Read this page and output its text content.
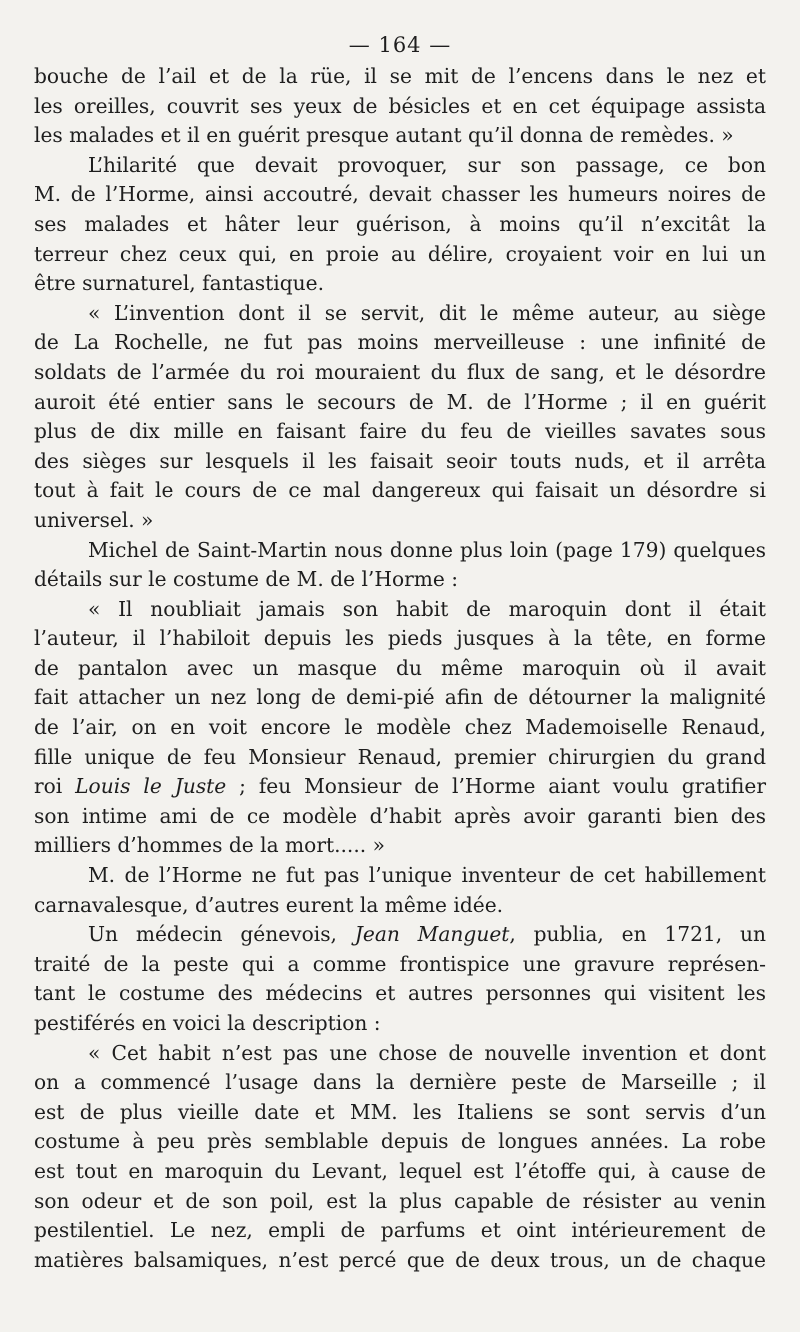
— 164 —
bouche de l’ail et de la rüe, il se mit de l’encens dans le nez et
les oreilles, couvrit ses yeux de bésicles et en cet équipage assista
les malades et il en guérit presque autant qu’il donna de remèdes. »
L’hilarité que devait provoquer, sur son passage, ce bon
M. de l’Horme, ainsi accoutré, devait chasser les humeurs noires de
ses malades et hâter leur guérison, à moins qu’il n’excitât la
terreur chez ceux qui, en proie au délire, croyaient voir en lui un
être surnaturel, fantastique.
« L’invention dont il se servit, dit le même auteur, au siège
de La Rochelle, ne fut pas moins merveilleuse : une infinité de
soldats de l’armée du roi mouraient du flux de sang, et le désordre
auroit été entier sans le secours de M. de l’Horme ; il en guérit
plus de dix mille en faisant faire du feu de vieilles savates sous
des sièges sur lesquels il les faisait seoir touts nuds, et il arrêta
tout à fait le cours de ce mal dangereux qui faisait un désordre si
universel. »
Michel de Saint-Martin nous donne plus loin (page 179) quelques
détails sur le costume de M. de l’Horme :
« Il noubliait jamais son habit de maroquin dont il était
l’auteur, il l’habiloit depuis les pieds jusques à la tête, en forme
de pantalon avec un masque du même maroquin où il avait
fait attacher un nez long de demi-pié afin de détourner la malignité
de l’air, on en voit encore le modèle chez Mademoiselle Renaud,
fille unique de feu Monsieur Renaud, premier chirurgien du grand
roi Louis le Juste ; feu Monsieur de l’Horme aiant voulu gratifier
son intime ami de ce modèle d’habit après avoir garanti bien des
milliers d’hommes de la mort..... »
M. de l’Horme ne fut pas l’unique inventeur de cet habillement
carnavalesque, d’autres eurent la même idée.
Un médecin génevois, Jean Manguet, publia, en 1721, un
traité de la peste qui a comme frontispice une gravure représen-
tant le costume des médecins et autres personnes qui visitent les
pestiférés en voici la description :
« Cet habit n’est pas une chose de nouvelle invention et dont
on a commencé l’usage dans la dernière peste de Marseille ; il
est de plus vieille date et MM. les Italiens se sont servis d’un
costume à peu près semblable depuis de longues années. La robe
est tout en maroquin du Levant, lequel est l’étoffe qui, à cause de
son odeur et de son poil, est la plus capable de résister au venin
pestilentiel. Le nez, empli de parfums et oint intérieurement de
matières balsamiques, n’est percé que de deux trous, un de chaque
